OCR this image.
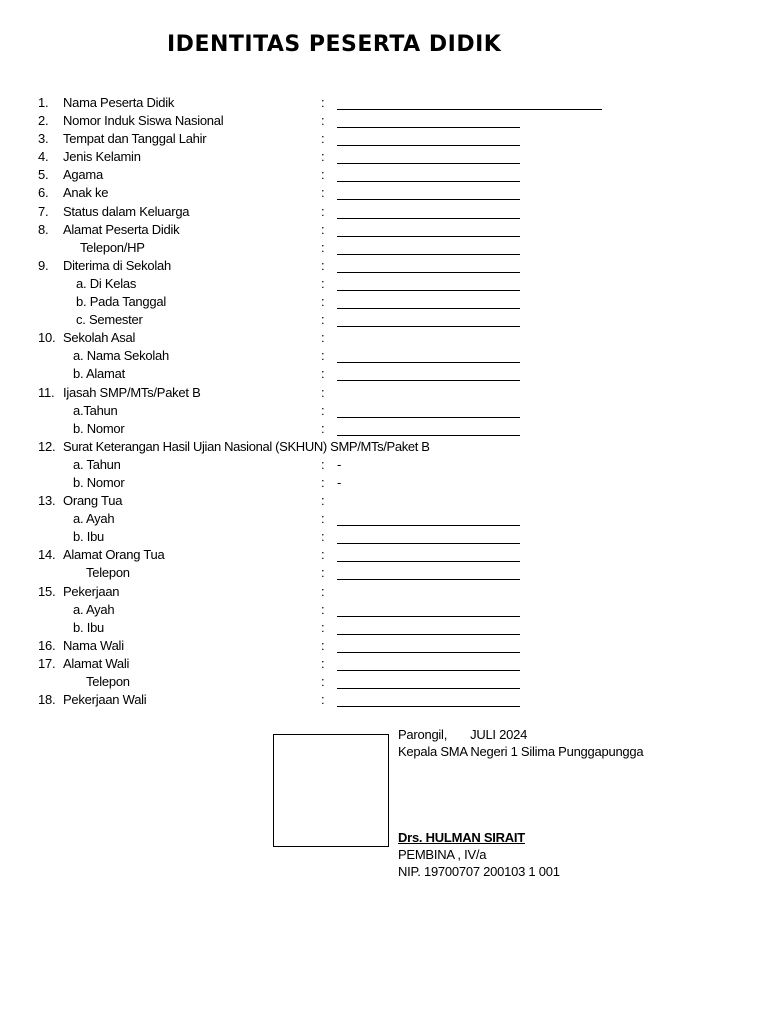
IDENTITAS PESERTA DIDIK
1. Nama Peserta Didik	:
2. Nomor Induk Siswa Nasional	:
3. Tempat dan Tanggal Lahir	:
4. Jenis Kelamin	:
5. Agama	:
6. Anak ke	:
7. Status dalam Keluarga	:
8. Alamat Peserta Didik	:
Telepon/HP	:
9. Diterima di Sekolah	:
a. Di Kelas	:
b. Pada Tanggal	:
c. Semester	:
10. Sekolah Asal	:
a. Nama Sekolah	:
b. Alamat	:
11. Ijasah SMP/MTs/Paket B	:
a.Tahun	:
b. Nomor	:
12. Surat Keterangan Hasil Ujian Nasional (SKHUN) SMP/MTs/Paket B
a. Tahun	: -
b. Nomor	: -
13. Orang Tua	:
a. Ayah	:
b. Ibu	:
14. Alamat Orang Tua	:
Telepon	:
15. Pekerjaan	:
a. Ayah	:
b. Ibu	:
16. Nama Wali	:
17. Alamat Wali	:
Telepon	:
18. Pekerjaan Wali	:
Parongil, JULI 2024
Kepala SMA Negeri 1 Silima Punggapungga
Drs. HULMAN SIRAIT
PEMBINA , IV/a
NIP. 19700707 200103 1 001
